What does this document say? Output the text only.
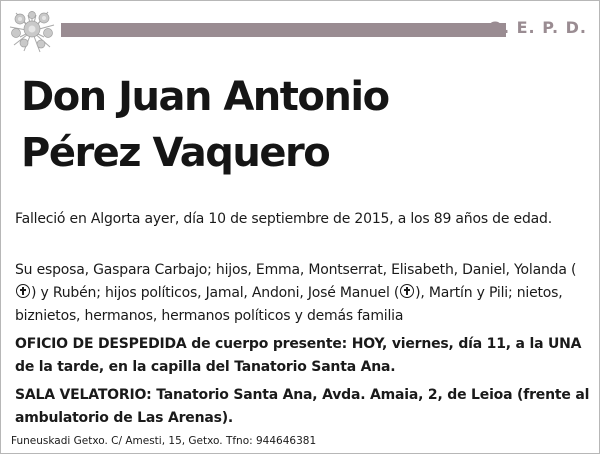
Q. E. P. D.
Don Juan Antonio
Pérez Vaquero

Falleció en Algorta ayer, día 10 de septiembre de 2015, a los 89 años de edad.

Su esposa, Gaspara Carbajo; hijos, Emma, Montserrat, Elisabeth, Daniel, Yolanda () y Rubén; hijos políticos, Jamal, Andoni, José Manuel ( ), Martín y Pili; nietos, biznietos, hermanos, hermanos políticos y demás familia

OFICIO DE DESPEDIDA de cuerpo presente: HOY, viernes, día 11, a la UNA de la tarde, en la capilla del Tanatorio Santa Ana.

SALA VELATORIO: Tanatorio Santa Ana, Avda. Amaia, 2, de Leioa (frente al ambulatorio de Las Arenas).

Funeuskadi Getxo. C/ Amesti, 15, Getxo. Tfno: 944646381
